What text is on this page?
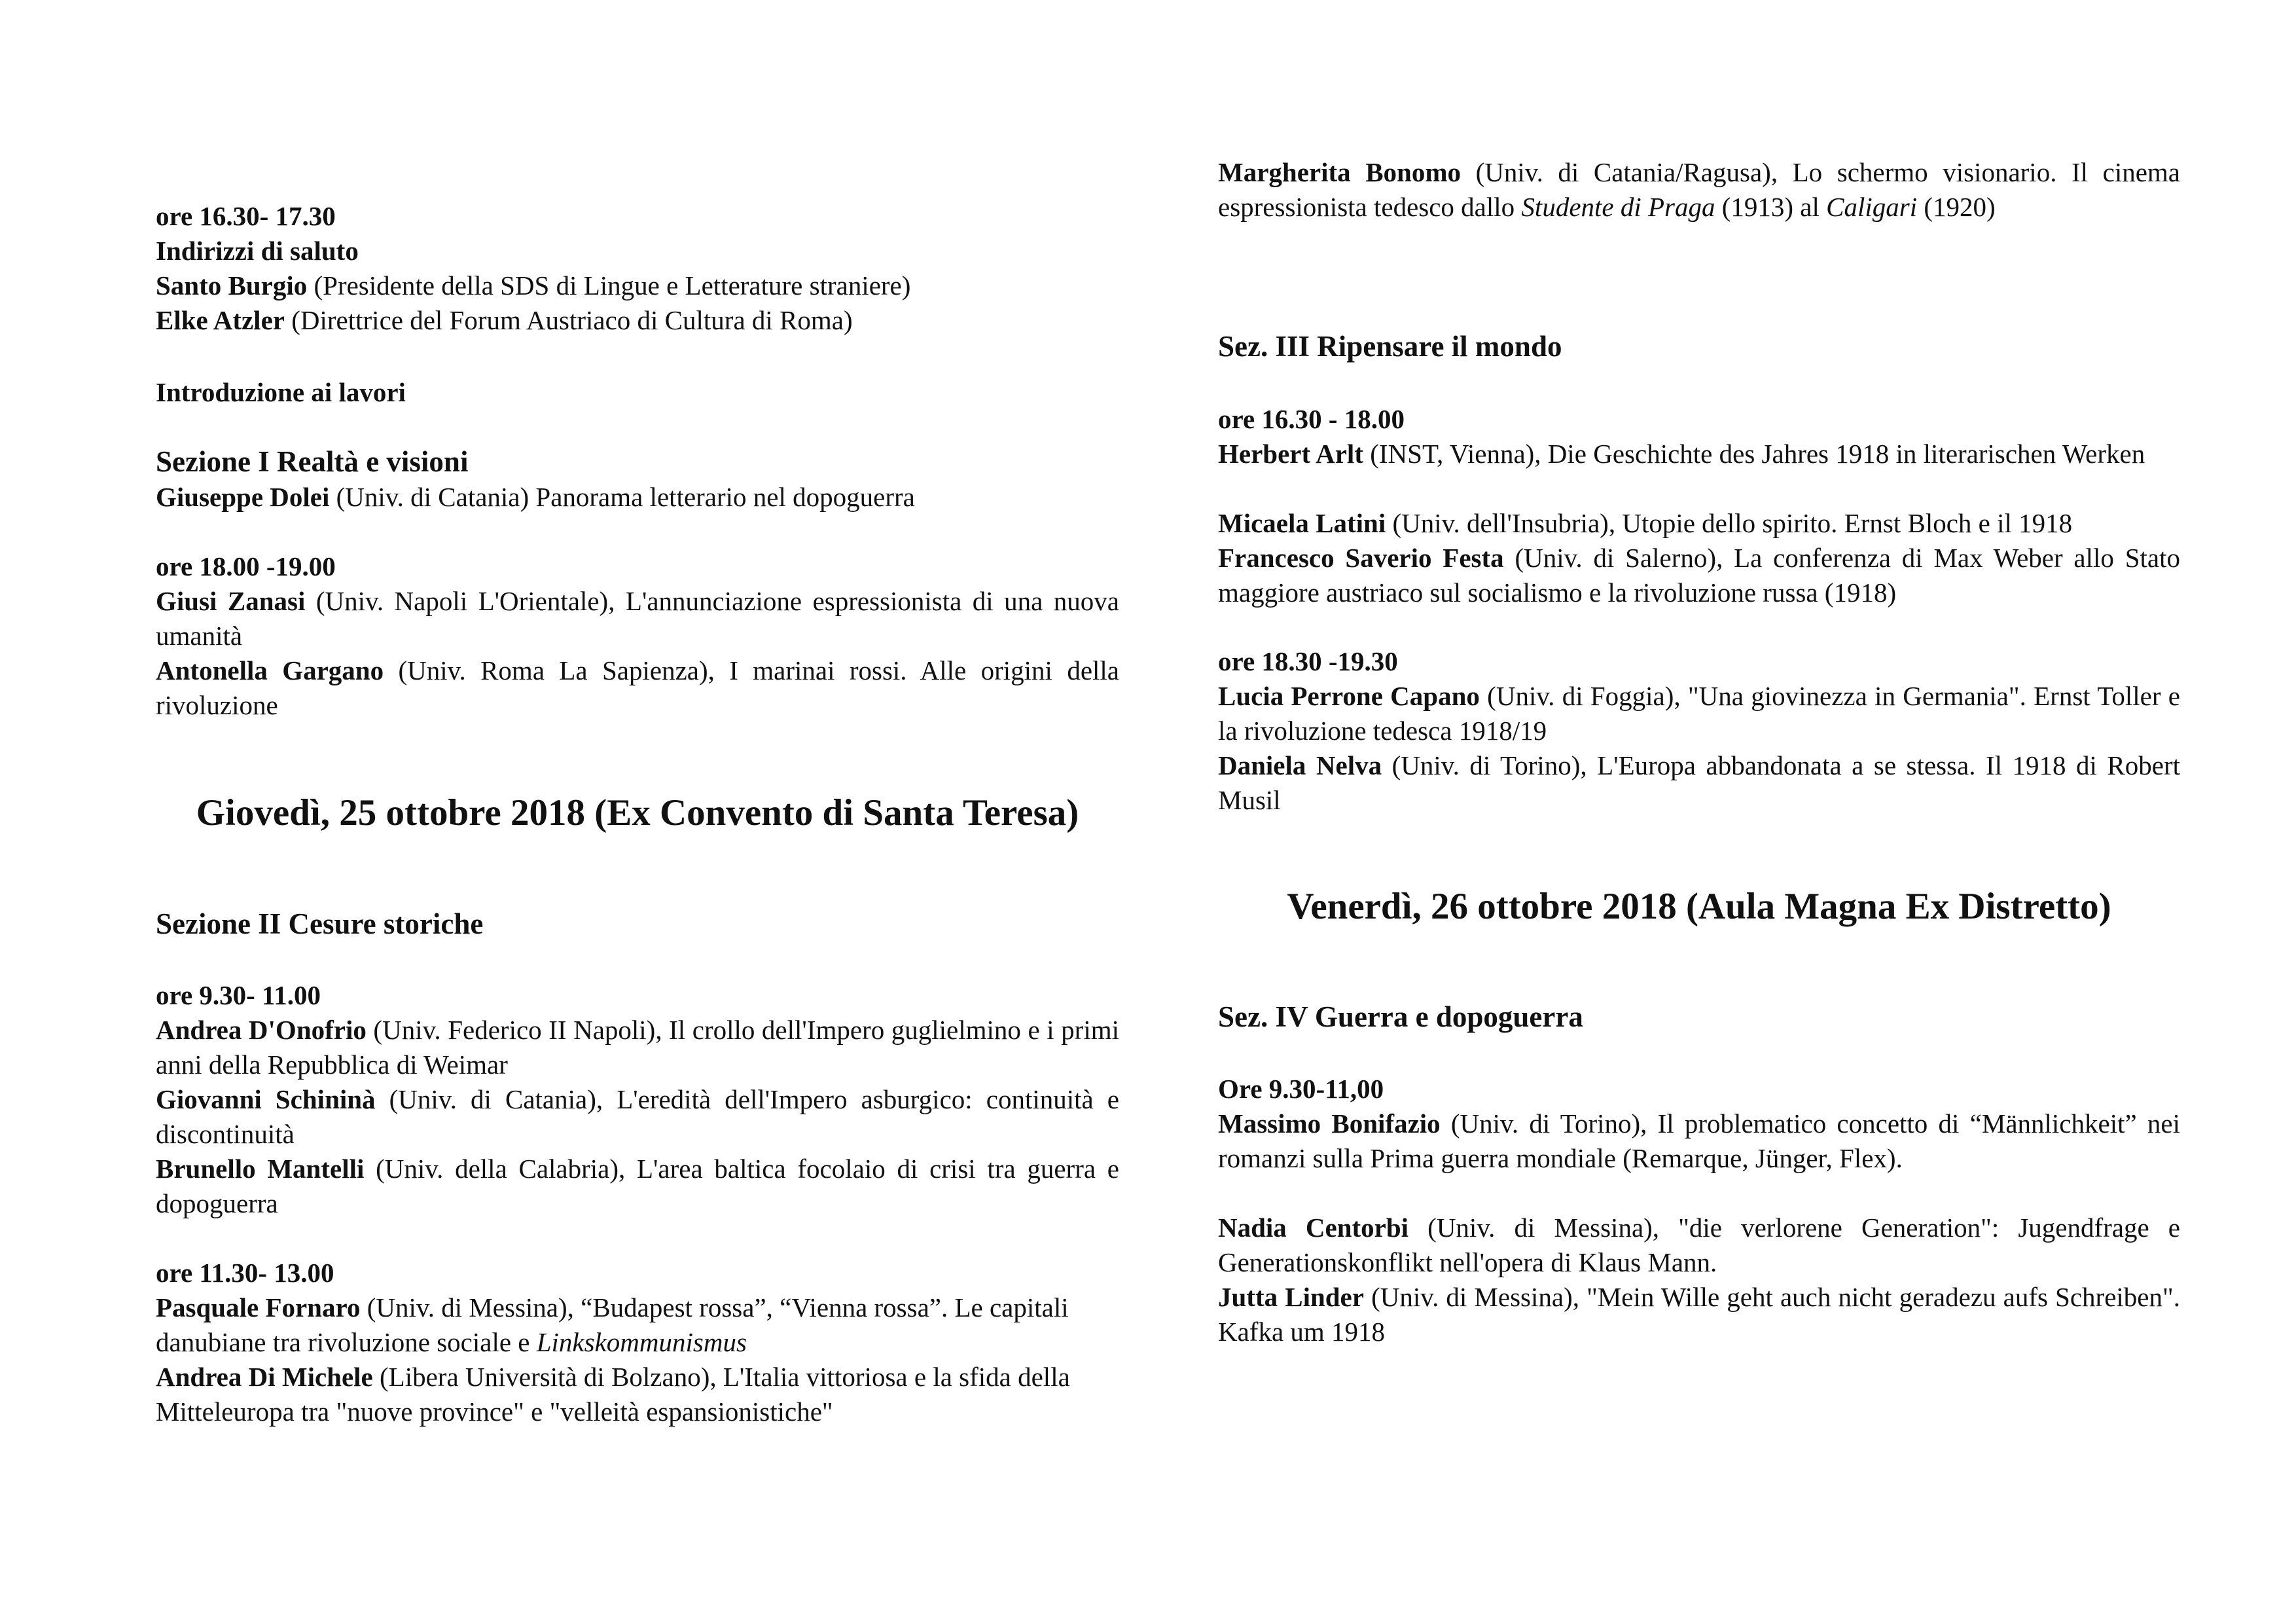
ore 16.30- 17.30
Indirizzi di saluto
Santo Burgio (Presidente della SDS di Lingue e Letterature straniere)
Elke Atzler (Direttrice del Forum Austriaco di Cultura di Roma)
Introduzione ai lavori
Sezione I Realtà e visioni
Giuseppe Dolei (Univ. di Catania) Panorama letterario nel dopoguerra
ore 18.00 -19.00
Giusi Zanasi (Univ. Napoli L'Orientale), L'annunciazione espressionista di una nuova umanità
Antonella Gargano (Univ. Roma La Sapienza), I marinai rossi. Alle origini della rivoluzione
Giovedì, 25 ottobre 2018 (Ex Convento di Santa Teresa)
Sezione II Cesure storiche
ore 9.30- 11.00
Andrea D'Onofrio (Univ. Federico II Napoli), Il crollo dell'Impero guglielmino e i primi anni della Repubblica di Weimar
Giovanni Schininà (Univ. di Catania), L'eredità dell'Impero asburgico: continuità e discontinuità
Brunello Mantelli (Univ. della Calabria), L'area baltica focolaio di crisi tra guerra e dopoguerra
ore 11.30- 13.00
Pasquale Fornaro (Univ. di Messina), “Budapest rossa”, “Vienna rossa”. Le capitali danubiane tra rivoluzione sociale e Linkskommunismus
Andrea Di Michele (Libera Università di Bolzano), L'Italia vittoriosa e la sfida della Mitteleuropa tra "nuove province" e "velleità espansionistiche"
Margherita Bonomo (Univ. di Catania/Ragusa), Lo schermo visionario. Il cinema espressionista tedesco dallo Studente di Praga (1913) al Caligari (1920)
Sez. III Ripensare il mondo
ore 16.30 - 18.00
Herbert Arlt (INST, Vienna), Die Geschichte des Jahres 1918 in literarischen Werken
Micaela Latini (Univ. dell'Insubria), Utopie dello spirito. Ernst Bloch e il 1918
Francesco Saverio Festa (Univ. di Salerno), La conferenza di Max Weber allo Stato maggiore austriaco sul socialismo e la rivoluzione russa (1918)
ore 18.30 -19.30
Lucia Perrone Capano (Univ. di Foggia), "Una giovinezza in Germania". Ernst Toller e la rivoluzione tedesca 1918/19
Daniela Nelva (Univ. di Torino), L'Europa abbandonata a se stessa. Il 1918 di Robert Musil
Venerdì, 26 ottobre 2018 (Aula Magna Ex Distretto)
Sez. IV Guerra e dopoguerra
Ore 9.30-11,00
Massimo Bonifazio (Univ. di Torino), Il problematico concetto di “Männlichkeit” nei romanzi sulla Prima guerra mondiale (Remarque, Jünger, Flex).
Nadia Centorbi (Univ. di Messina), "die verlorene Generation": Jugendfrage e Generationskonflikt nell'opera di Klaus Mann.
Jutta Linder (Univ. di Messina), "Mein Wille geht auch nicht geradezu aufs Schreiben". Kafka um 1918
